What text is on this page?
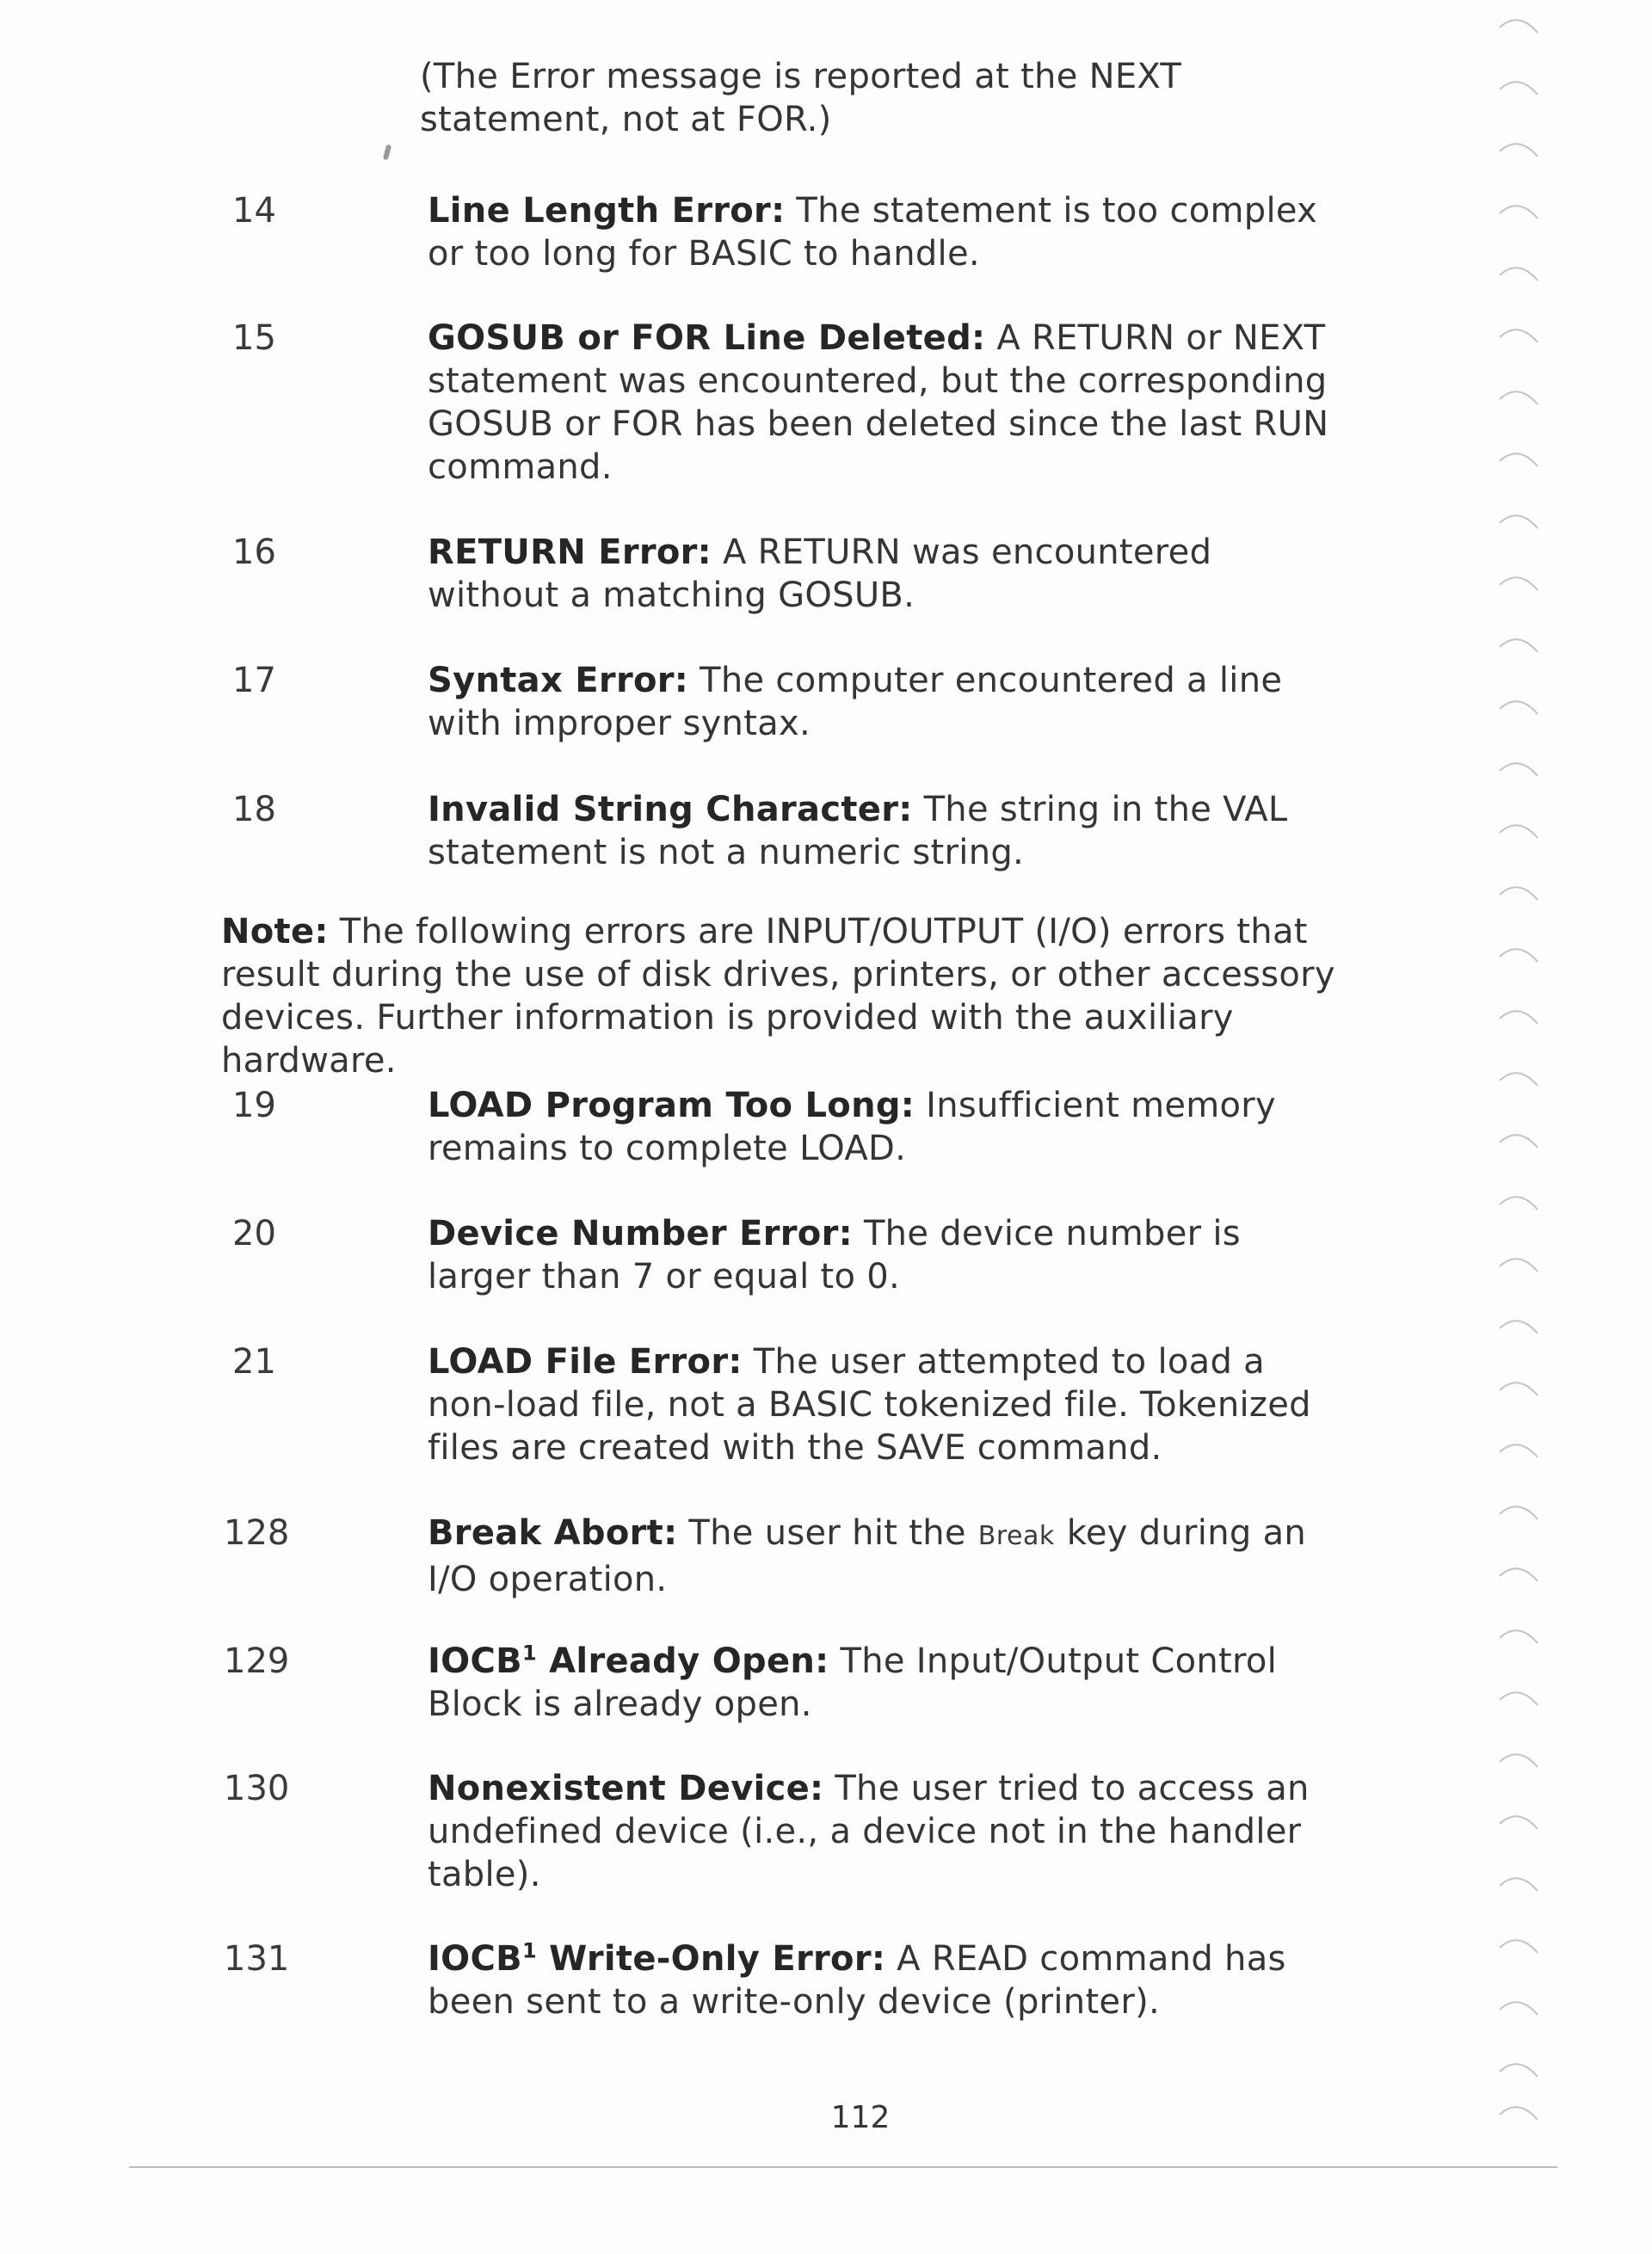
(The Error message is reported at the NEXT statement, not at FOR.)
14	Line Length Error: The statement is too complex or too long for BASIC to handle.
15	GOSUB or FOR Line Deleted: A RETURN or NEXT statement was encountered, but the corresponding GOSUB or FOR has been deleted since the last RUN command.
16	RETURN Error: A RETURN was encountered without a matching GOSUB.
17	Syntax Error: The computer encountered a line with improper syntax.
18	Invalid String Character: The string in the VAL statement is not a numeric string.
Note: The following errors are INPUT/OUTPUT (I/O) errors that result during the use of disk drives, printers, or other accessory devices. Further information is provided with the auxiliary hardware.
19	LOAD Program Too Long: Insufficient memory remains to complete LOAD.
20	Device Number Error: The device number is larger than 7 or equal to 0.
21	LOAD File Error: The user attempted to load a non-load file, not a BASIC tokenized file. Tokenized files are created with the SAVE command.
128	Break Abort: The user hit the Break key during an I/O operation.
129	IOCB$^1$ Already Open: The Input/Output Control Block is already open.
130	Nonexistent Device: The user tried to access an undefined device (i.e., a device not in the handler table).
131	IOCB$^1$ Write-Only Error: A READ command has been sent to a write-only device (printer).
112
